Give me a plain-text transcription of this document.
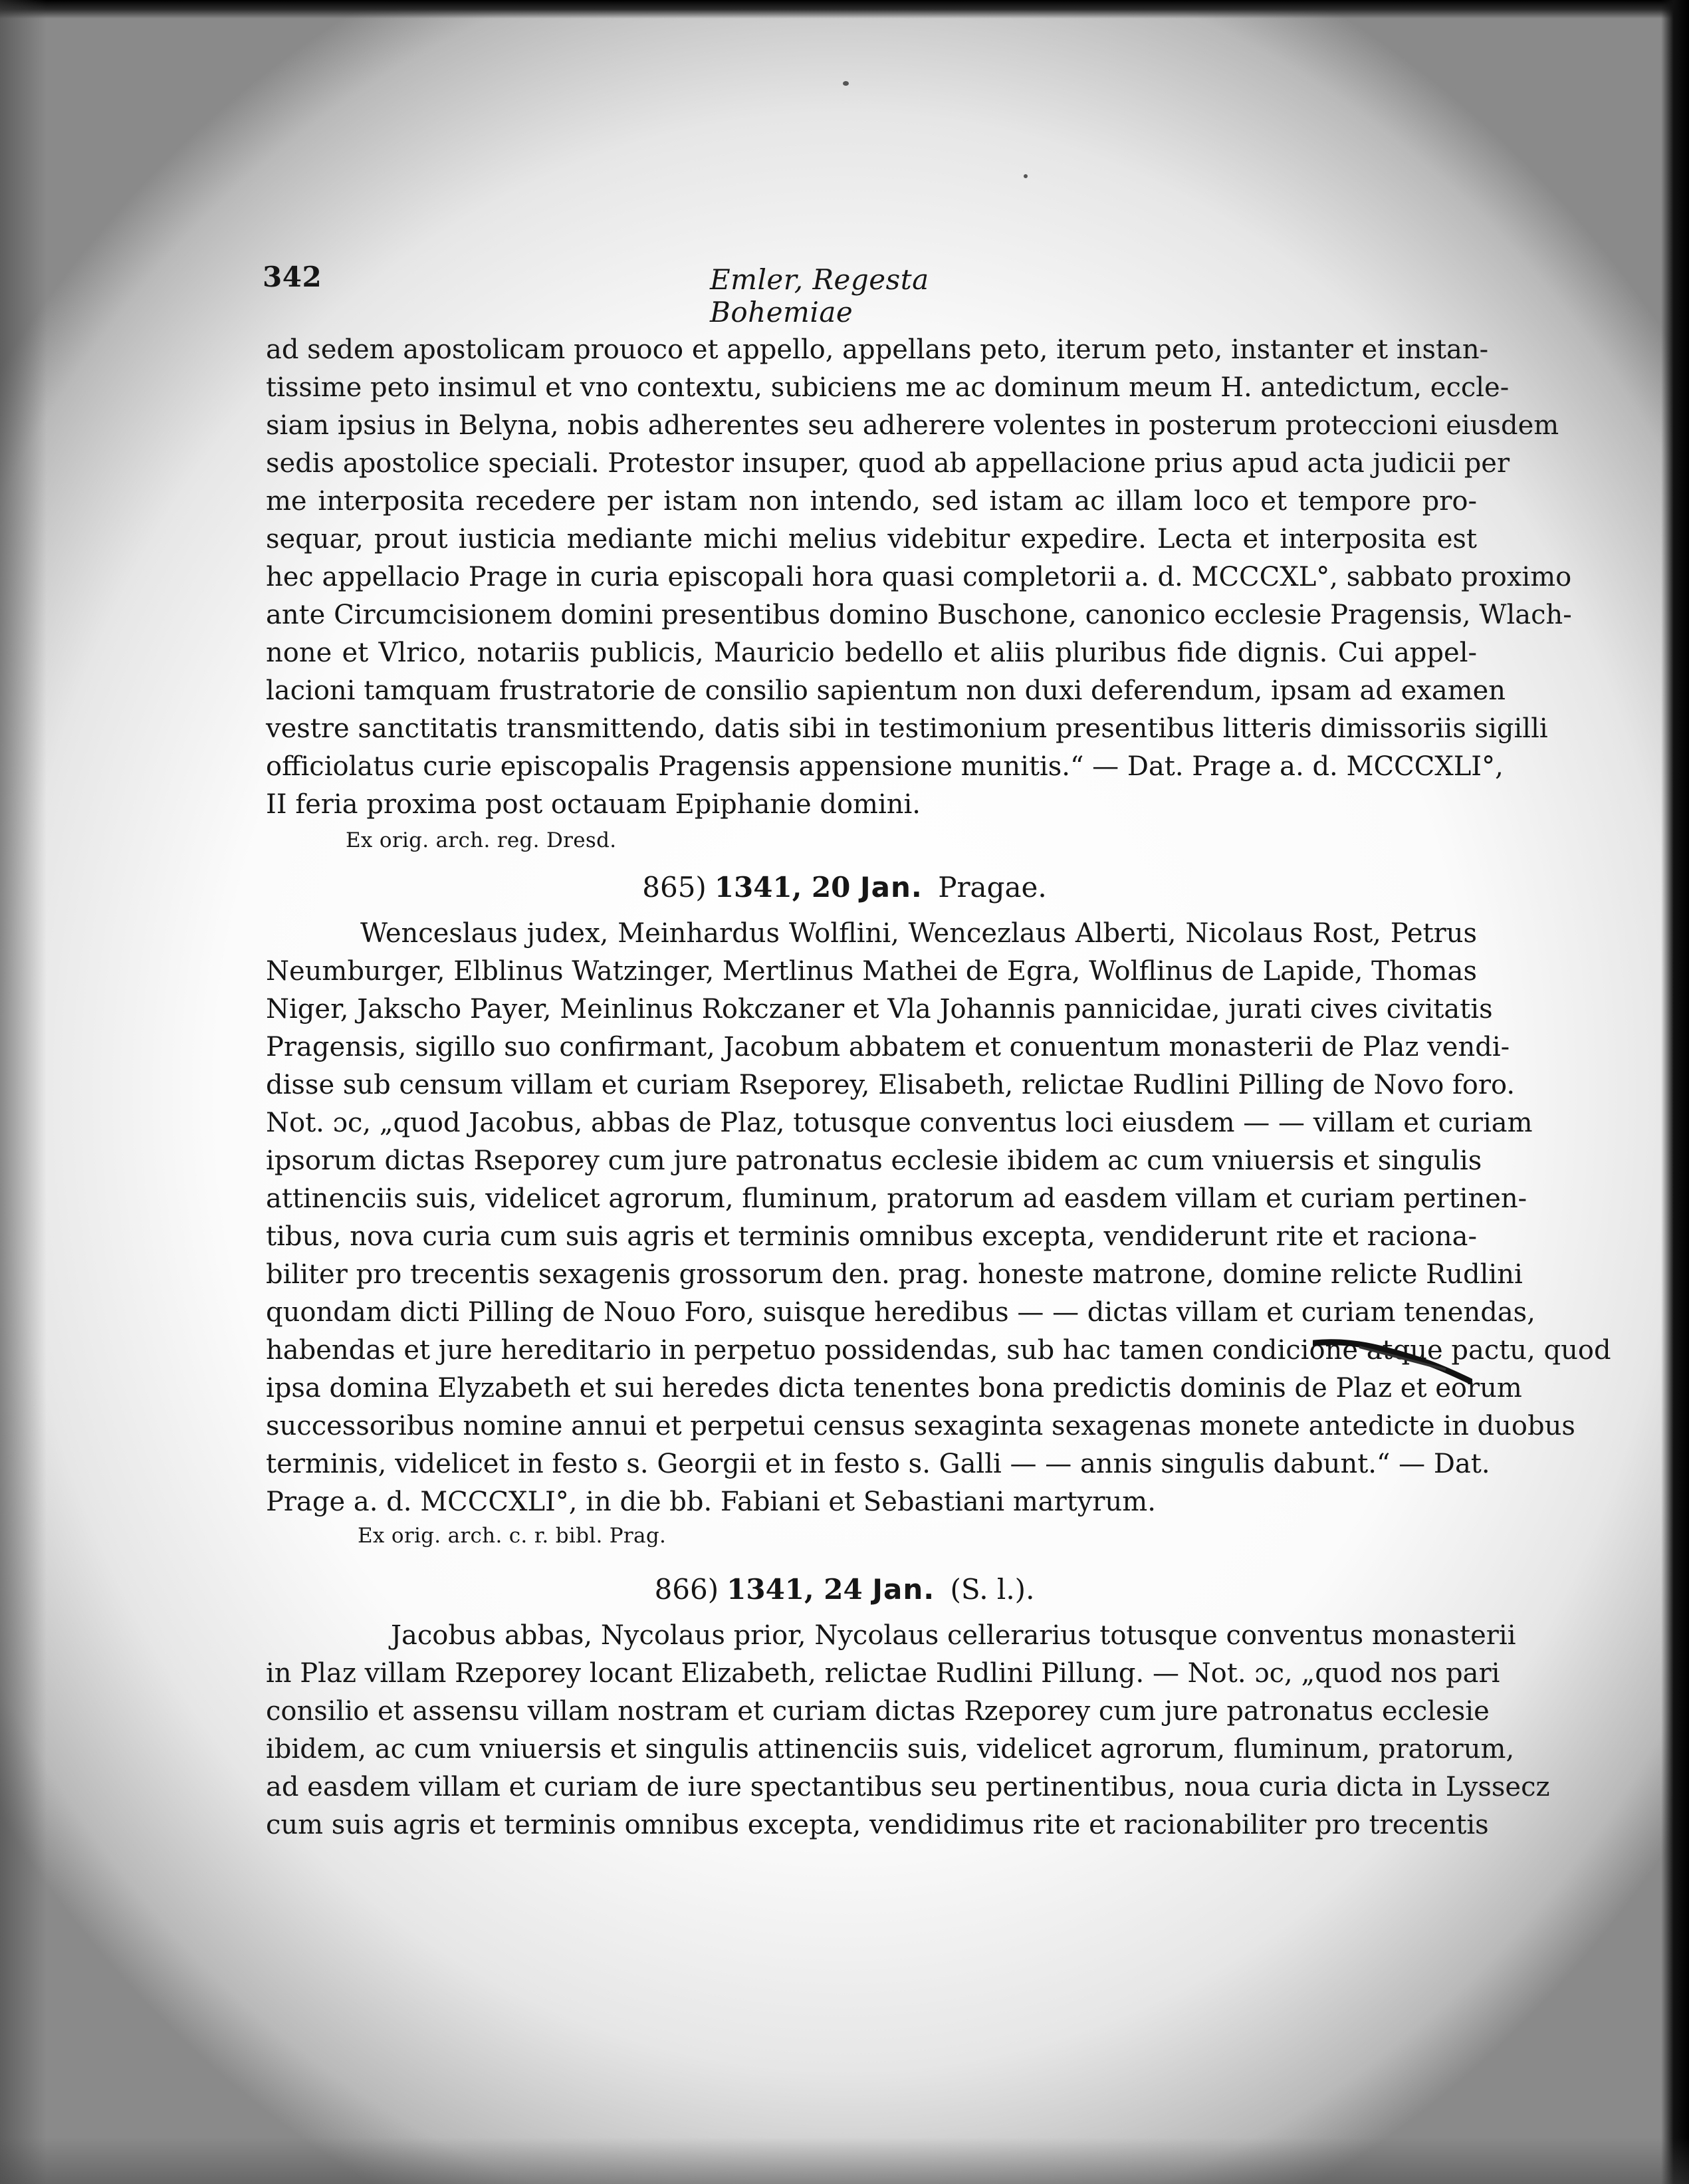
342	Emler, Regesta Bohemiae
ad sedem apostolicam prouoco et appello, appellans peto, iterum peto, instanter et instan-
tissime peto insimul et vno contextu, subiciens me ac dominum meum H. antedictum, eccle-
siam ipsius in Belyna, nobis adherentes seu adherere volentes in posterum proteccioni eiusdem
sedis apostolice speciali. Protestor insuper, quod ab appellacione prius apud acta judicii per
me interposita recedere per istam non intendo, sed istam ac illam loco et tempore pro-
sequar, prout iusticia mediante michi melius videbitur expedire. Lecta et interposita est
hec appellacio Prage in curia episcopali hora quasi completorii a. d. MCCCXL°, sabbato proximo
ante Circumcisionem domini presentibus domino Buschone, canonico ecclesie Pragensis, Wlach-
none et Vlrico, notariis publicis, Mauricio bedello et aliis pluribus fide dignis. Cui appel-
lacioni tamquam frustratorie de consilio sapientum non duxi deferendum, ipsam ad examen
vestre sanctitatis transmittendo, datis sibi in testimonium presentibus litteris dimissoriis sigilli
officiolatus curie episcopalis Pragensis appensione munitis.“ — Dat. Prage a. d. MCCCXLI°,
II feria proxima post octauam Epiphanie domini.
Ex orig. arch. reg. Dresd.
865) 1341, 20 Jan. Pragae.
Wenceslaus judex, Meinhardus Wolflini, Wencezlaus Alberti, Nicolaus Rost, Petrus
Neumburger, Elblinus Watzinger, Mertlinus Mathei de Egra, Wolflinus de Lapide, Thomas
Niger, Jakscho Payer, Meinlinus Rokczaner et Vla Johannis pannicidae, jurati cives civitatis
Pragensis, sigillo suo confirmant, Jacobum abbatem et conuentum monasterii de Plaz vendi-
disse sub censum villam et curiam Rseporey, Elisabeth, relictae Rudlini Pilling de Novo foro.
Not. ɔc, „quod Jacobus, abbas de Plaz, totusque conventus loci eiusdem — — villam et curiam
ipsorum dictas Rseporey cum jure patronatus ecclesie ibidem ac cum vniuersis et singulis
attinenciis suis, videlicet agrorum, fluminum, pratorum ad easdem villam et curiam pertinen-
tibus, nova curia cum suis agris et terminis omnibus excepta, vendiderunt rite et raciona-
biliter pro trecentis sexagenis grossorum den. prag. honeste matrone, domine relicte Rudlini
quondam dicti Pilling de Nouo Foro, suisque heredibus — — dictas villam et curiam tenendas,
habendas et jure hereditario in perpetuo possidendas, sub hac tamen condicione atque pactu, quod
ipsa domina Elyzabeth et sui heredes dicta tenentes bona predictis dominis de Plaz et eorum
successoribus nomine annui et perpetui census sexaginta sexagenas monete antedicte in duobus
terminis, videlicet in festo s. Georgii et in festo s. Galli — — annis singulis dabunt.“ — Dat.
Prage a. d. MCCCXLI°, in die bb. Fabiani et Sebastiani martyrum.
Ex orig. arch. c. r. bibl. Prag.
866) 1341, 24 Jan. (S. l.).
Jacobus abbas, Nycolaus prior, Nycolaus cellerarius totusque conventus monasterii
in Plaz villam Rzeporey locant Elizabeth, relictae Rudlini Pillung. — Not. ɔc, „quod nos pari
consilio et assensu villam nostram et curiam dictas Rzeporey cum jure patronatus ecclesie
ibidem, ac cum vniuersis et singulis attinenciis suis, videlicet agrorum, fluminum, pratorum,
ad easdem villam et curiam de iure spectantibus seu pertinentibus, noua curia dicta in Lyssecz
cum suis agris et terminis omnibus excepta, vendidimus rite et racionabiliter pro trecentis
